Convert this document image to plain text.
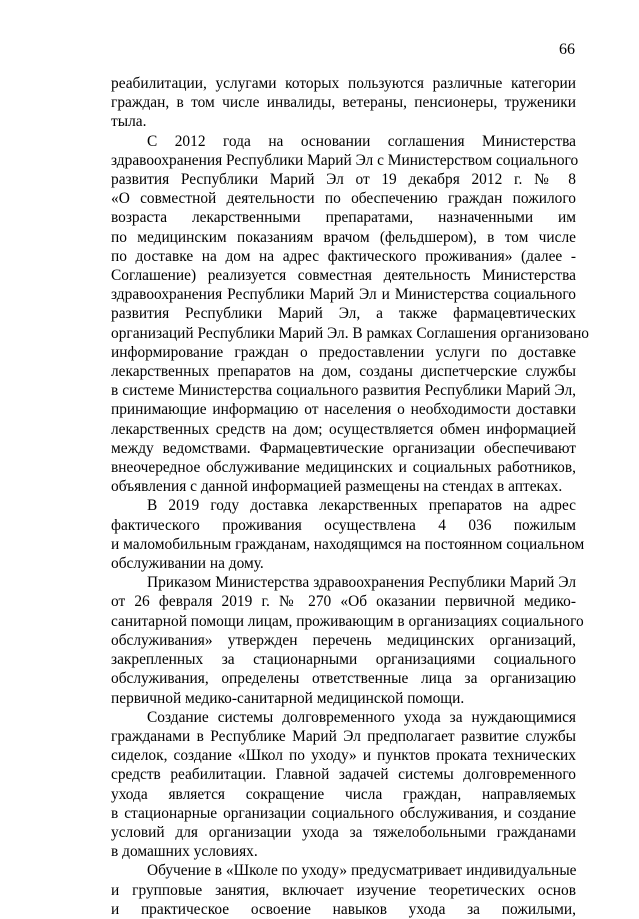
66

реабилитации, услугами которых пользуются различные категории
граждан, в том числе инвалиды, ветераны, пенсионеры, труженики
тыла.

С 2012 года на основании соглашения Министерства
здравоохранения Республики Марий Эл с Министерством социального
развития Республики Марий Эл от 19 декабря 2012 г. № 8
«О совместной деятельности по обеспечению граждан пожилого
возраста лекарственными препаратами, назначенными им
по медицинским показаниям врачом (фельдшером), в том числе
по доставке на дом на адрес фактического проживания» (далее -
Соглашение) реализуется совместная деятельность Министерства
здравоохранения Республики Марий Эл и Министерства социального
развития Республики Марий Эл, а также фармацевтических
организаций Республики Марий Эл. В рамках Соглашения организовано
информирование граждан о предоставлении услуги по доставке
лекарственных препаратов на дом, созданы диспетчерские службы
в системе Министерства социального развития Республики Марий Эл,
принимающие информацию от населения о необходимости доставки
лекарственных средств на дом; осуществляется обмен информацией
между ведомствами. Фармацевтические организации обеспечивают
внеочередное обслуживание медицинских и социальных работников,
объявления с данной информацией размещены на стендах в аптеках.

В 2019 году доставка лекарственных препаратов на адрес
фактического проживания осуществлена 4 036 пожилым
и маломобильным гражданам, находящимся на постоянном социальном
обслуживании на дому.

Приказом Министерства здравоохранения Республики Марий Эл
от 26 февраля 2019 г. № 270 «Об оказании первичной медико-
санитарной помощи лицам, проживающим в организациях социального
обслуживания» утвержден перечень медицинских организаций,
закрепленных за стационарными организациями социального
обслуживания, определены ответственные лица за организацию
первичной медико-санитарной медицинской помощи.

Создание системы долговременного ухода за нуждающимися
гражданами в Республике Марий Эл предполагает развитие службы
сиделок, создание «Школ по уходу» и пунктов проката технических
средств реабилитации. Главной задачей системы долговременного
ухода является сокращение числа граждан, направляемых
в стационарные организации социального обслуживания, и создание
условий для организации ухода за тяжелобольными гражданами
в домашних условиях.

Обучение в «Школе по уходу» предусматривает индивидуальные
и групповые занятия, включает изучение теоретических основ
и практическое освоение навыков ухода за пожилыми,
